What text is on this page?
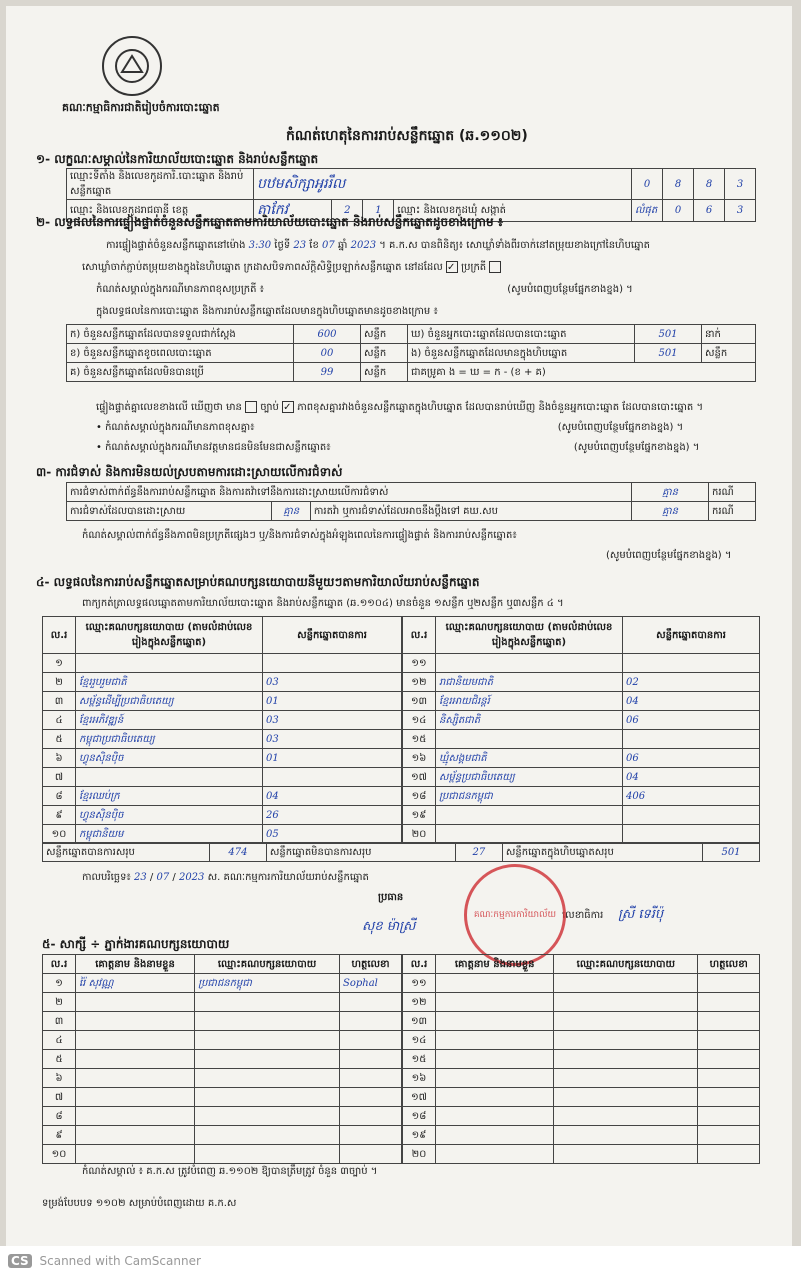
គណៈកម្មាធិការជាតិរៀបចំការបោះឆ្នោត
កំណត់ហេតុនៃការរាប់សន្លឹកឆ្នោត (ឆ.១១០២)
១- លក្ខណៈសម្គាល់នៃការិយាល័យបោះឆ្នោត និងរាប់សន្លឹកឆ្នោត
ឈ្មោះទីតាំង និងលេខកូដការិ.បោះឆ្នោត និងរាប់សន្លឹកឆ្នោត	បឋមសិក្សាអូររឹល				0	8	8	3
ឈ្មោះ និងលេខកូដរាជធានី ខេត្ត	តាកែវ	2	1	ឈ្មោះ និងលេខកូដឃុំ សង្កាត់	លំផុត	0	6	3
២- លទ្ធផលនៃការផ្ទៀងផ្ទាត់ចំនួនសន្លឹកឆ្នោតតាមការិយាល័យបោះឆ្នោត និងរាប់សន្លឹកឆ្នោតដូចខាងក្រោម ៖
ការផ្ទៀងផ្ទាត់ចំនួនសន្លឹកឆ្នោតនៅម៉ោង 3:30 ថ្ងៃទី 23 ខែ 07 ឆ្នាំ 2023 ។ គ.ក.ស បានពិនិត្យ៖ សោឃ្លាំទាំងពីរចាក់នៅតម្រុយខាងក្រៅនៃហិបឆ្នោត
សោឃ្លាំចាក់ភ្ជាប់តម្រុយខាងក្នុងនៃហិបឆ្នោត ក្រដាសបិទភាពស័ក្តិសិទ្ធិប្រឡាក់សន្លឹកឆ្នោត នៅដដែល ✓ ប្រក្រតី
កំណត់សម្គាល់ក្នុងករណីមានភាពខុសប្រក្រតី ៖	(សូមបំពេញបន្ថែមផ្នែកខាងខ្នង) ។
ក្នុងលទ្ធផលនៃការបោះឆ្នោត និងការរាប់សន្លឹកឆ្នោតដែលមានក្នុងហិបឆ្នោតមានដូចខាងក្រោម ៖
ក) ចំនួនសន្លឹកឆ្នោតដែលបានទទួលជាក់ស្តែង	600	សន្លឹក	ឃ) ចំនួនអ្នកបោះឆ្នោតដែលបានបោះឆ្នោត	501	នាក់
ខ) ចំនួនសន្លឹកឆ្នោតខូចពេលបោះឆ្នោត	00	សន្លឹក	ង) ចំនួនសន្លឹកឆ្នោតដែលមានក្នុងហិបឆ្នោត	501	សន្លឹក
គ) ចំនួនសន្លឹកឆ្នោតដែលមិនបានប្រើ	99	សន្លឹក	ជាគម្រូគា ង = ឃ = ក - (ខ + គ)		
ផ្ទៀងផ្ទាត់គ្នាលេខខាងលើ ឃើញថា មាន ច្បាប់ ✓ ភាពខុសគ្នារវាងចំនួនសន្លឹកឆ្នោតក្នុងហិបឆ្នោត ដែលបានរាប់ឃើញ និងចំនួនអ្នកបោះឆ្នោត ដែលបានបោះឆ្នោត ។
• កំណត់សម្គាល់ក្នុងករណីមានភាពខុសគ្នា៖	(សូមបំពេញបន្ថែមផ្នែកខាងខ្នង) ។
• កំណត់សម្គាល់ក្នុងករណីមានវត្តមានជនមិនមែនជាសន្លឹកឆ្នោត៖	(សូមបំពេញបន្ថែមផ្នែកខាងខ្នង) ។
៣- ការជំទាស់ និងការមិនយល់ស្របតាមការដោះស្រាយលើការជំទាស់
ការជំទាស់ពាក់ព័ន្ធនឹងការរាប់សន្លឹកឆ្នោត និងការតវ៉ាទៅនឹងការដោះស្រាយលើការជំទាស់			គ្មាន	ករណី
ការជំទាស់ដែលបានដោះស្រាយ	គ្មាន	ការតវ៉ា ឬការជំទាស់ដែលអាចនឹងប្តឹងទៅ គឃ.សប	គ្មាន	ករណី
កំណត់សម្គាល់ពាក់ព័ន្ធនឹងភាពមិនប្រក្រតីផ្សេងៗ ឬ/និងការជំទាស់ក្នុងអំឡុងពេលនៃការផ្ទៀងផ្ទាត់ និងការរាប់សន្លឹកឆ្នោត៖
(សូមបំពេញបន្ថែមផ្នែកខាងខ្នង) ។
៤- លទ្ធផលនៃការរាប់សន្លឹកឆ្នោតសម្រាប់គណបក្សនយោបាយនីមួយៗតាមការិយាល័យរាប់សន្លឹកឆ្នោត
ពាក្យកត់ត្រាលទ្ធផលឆ្នោតតាមការិយាល័យបោះឆ្នោត និងរាប់សន្លឹកឆ្នោត (ឆ.១១០៤) មានចំនួន ១សន្លឹក ឬ២សន្លឹក ឬ៣សន្លឹក ៤ ។
ល.រ	ឈ្មោះគណបក្សនយោបាយ (តាមលំដាប់លេខរៀងក្នុងសន្លឹកឆ្នោត)	សន្លឹកឆ្នោតបានការ
១		
២	ខ្មែររួបរួមជាតិ	03
៣	សម្ព័ន្ធដើម្បីប្រជាធិបតេយ្យ	01
៤	ខ្មែរអភិវឌ្ឍន៍	03
៥	កម្ពុជាប្រជាធិបតេយ្យ	03
៦	ហ្វុនស៊ិនប៉ិច	01
៧		
៨	ខ្មែរឈប់ក្រ	04
៩	ហ្វុនស៊ិនប៉ិច	26
១០	កម្ពុជានិយម	05
ល.រ	ឈ្មោះគណបក្សនយោបាយ (តាមលំដាប់លេខរៀងក្នុងសន្លឹកឆ្នោត)	សន្លឹកឆ្នោតបានការ
១១		
១២	រាជានិយមជាតិ	02
១៣	ខ្មែរអាយជិរន្តរ៍	04
១៤	និស្សិតជាតិ	06
១៥		
១៦	ឃ្មុំសង្គមជាតិ	06
១៧	សម្ព័ន្ធប្រជាធិបតេយ្យ	04
១៨	ប្រជាជនកម្ពុជា	406
១៩		
២០		
សន្លឹកឆ្នោតបានការសរុប	474	សន្លឹកឆ្នោតមិនបានការសរុប	27	សន្លឹកឆ្នោតក្នុងហិបឆ្នោតសរុប	501
កាលបរិច្ឆេទ៖ 23 / 07 / 2023 ស. គណៈកម្មការការិយាល័យរាប់សន្លឹកឆ្នោត
ប្រធាន
សុខ ម៉ាស្រី
លេខាធិការ ស្រី ទេរីប៉ុ
គណៈកម្មការការិយាល័យ
៥- សាក្សី ÷ ភ្នាក់ងារគណបក្សនយោបាយ
ល.រ	គោត្តនាម និងនាមខ្លួន	ឈ្មោះគណបក្សនយោបាយ	ហត្ថលេខា
១	រ៉ៃ សុវណ្ណ	ប្រជាជនកម្ពុជា	Sophal
២			
៣			
៤			
៥			
៦			
៧			
៨			
៩			
១០			
ល.រ	គោត្តនាម និងនាមខ្លួន	ឈ្មោះគណបក្សនយោបាយ	ហត្ថលេខា
១១			
១២			
១៣			
១៤			
១៥			
១៦			
១៧			
១៨			
១៩			
២០			
កំណត់សម្គាល់ ៖ គ.ក.ស ត្រូវបំពេញ ឆ.១១០២ ឱ្យបានត្រឹមត្រូវ ចំនួន ៣ច្បាប់ ។
ទម្រង់បែបបទ ១១០២ សម្រាប់បំពេញដោយ គ.ក.ស
CS Scanned with CamScanner
